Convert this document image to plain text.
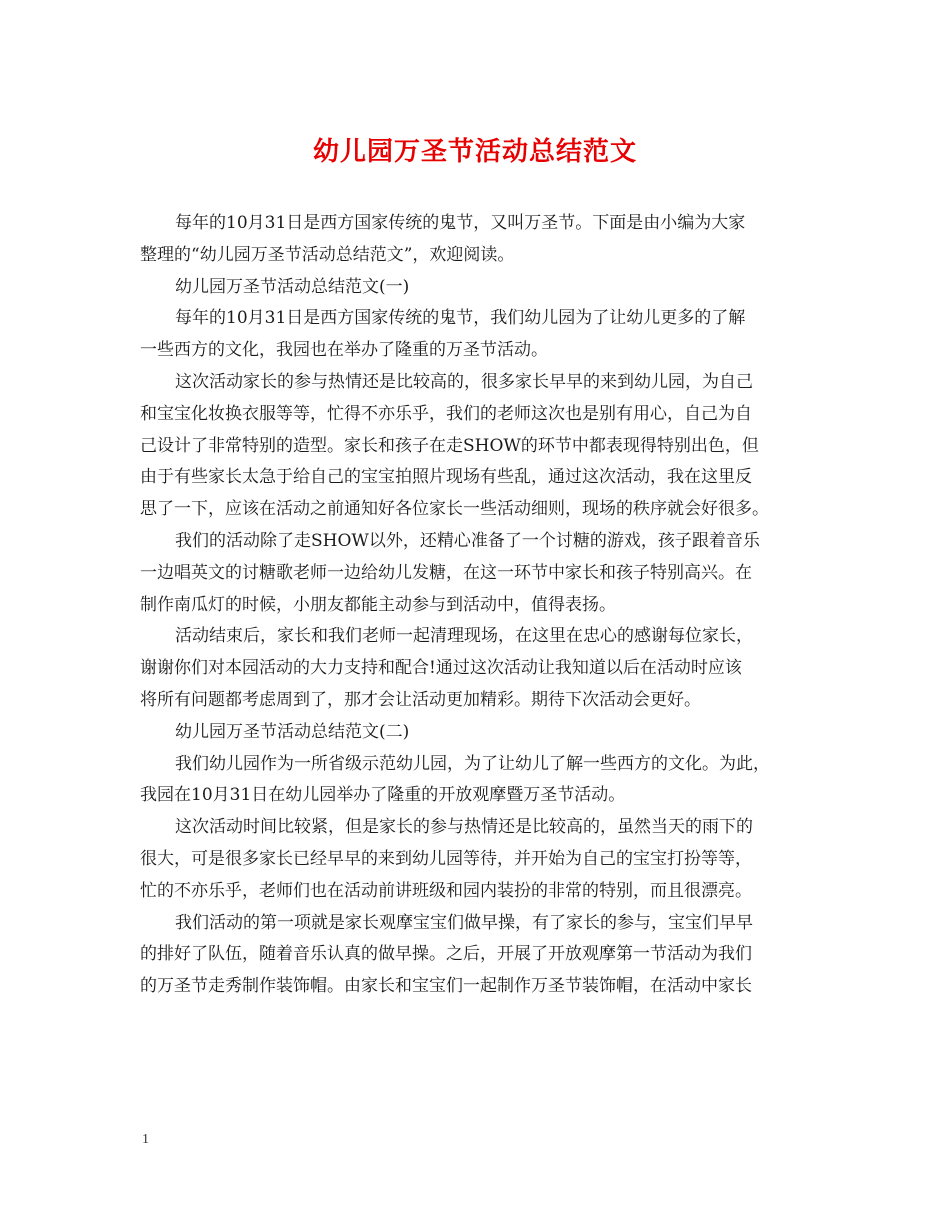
幼儿园万圣节活动总结范文
每年的10月31日是西方国家传统的鬼节，又叫万圣节。下面是由小编为大家
整理的“幼儿园万圣节活动总结范文”，欢迎阅读。
幼儿园万圣节活动总结范文(一)
每年的10月31日是西方国家传统的鬼节，我们幼儿园为了让幼儿更多的了解
一些西方的文化，我园也在举办了隆重的万圣节活动。
这次活动家长的参与热情还是比较高的，很多家长早早的来到幼儿园，为自己
和宝宝化妆换衣服等等，忙得不亦乐乎，我们的老师这次也是别有用心，自己为自
己设计了非常特别的造型。家长和孩子在走SHOW的环节中都表现得特别出色，但
由于有些家长太急于给自己的宝宝拍照片现场有些乱，通过这次活动，我在这里反
思了一下，应该在活动之前通知好各位家长一些活动细则，现场的秩序就会好很多。
我们的活动除了走SHOW以外，还精心准备了一个讨糖的游戏，孩子跟着音乐
一边唱英文的讨糖歌老师一边给幼儿发糖，在这一环节中家长和孩子特别高兴。在
制作南瓜灯的时候，小朋友都能主动参与到活动中，值得表扬。
活动结束后，家长和我们老师一起清理现场，在这里在忠心的感谢每位家长，
谢谢你们对本园活动的大力支持和配合!通过这次活动让我知道以后在活动时应该
将所有问题都考虑周到了，那才会让活动更加精彩。期待下次活动会更好。
幼儿园万圣节活动总结范文(二)
我们幼儿园作为一所省级示范幼儿园，为了让幼儿了解一些西方的文化。为此，
我园在10月31日在幼儿园举办了隆重的开放观摩暨万圣节活动。
这次活动时间比较紧，但是家长的参与热情还是比较高的，虽然当天的雨下的
很大，可是很多家长已经早早的来到幼儿园等待，并开始为自己的宝宝打扮等等，
忙的不亦乐乎，老师们也在活动前讲班级和园内装扮的非常的特别，而且很漂亮。
我们活动的第一项就是家长观摩宝宝们做早操，有了家长的参与，宝宝们早早
的排好了队伍，随着音乐认真的做早操。之后，开展了开放观摩第一节活动为我们
的万圣节走秀制作装饰帽。由家长和宝宝们一起制作万圣节装饰帽，在活动中家长
1
